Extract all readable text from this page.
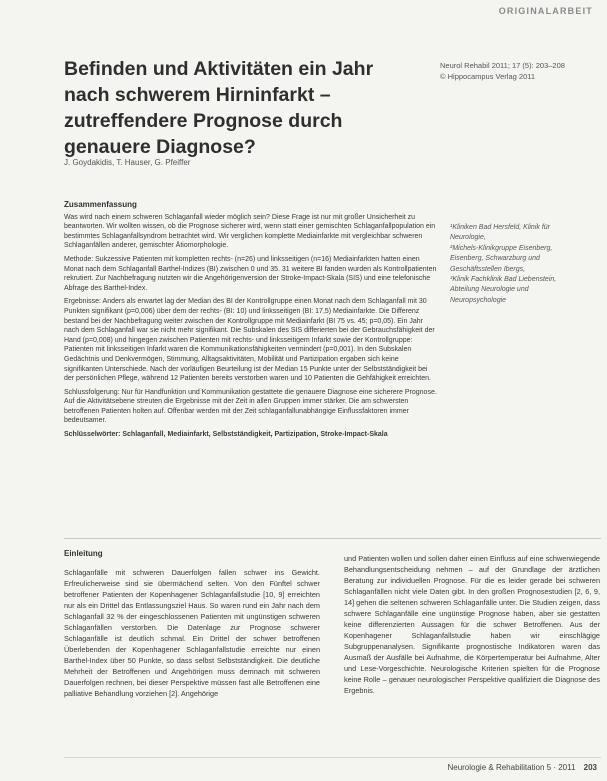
ORIGINALARBEIT
Befinden und Aktivitäten ein Jahr nach schwerem Hirninfarkt – zutreffendere Prognose durch genauere Diagnose?
Neurol Rehabil 2011; 17 (5): 203–208
© Hippocampus Verlag 2011
J. Goydakidis, T. Hauser, G. Pfeiffer
Zusammenfassung

Was wird nach einem schweren Schlaganfall wieder möglich sein? Diese Frage ist nur mit großer Unsicherheit zu beantworten. Wir wollten wissen, ob die Prognose sicherer wird, wenn statt einer gemischten Schlaganfallpopulation ein bestimmtes Schlaganfallsyndrom betrachtet wird. Wir verglichen komplette Mediainfarkte mit vergleichbar schweren Schlaganfällen anderer, gemischter Ätiomorphologie.

Methode: Sukzessive Patienten mit kompletten rechts- (n=26) und linksseitigen (n=16) Mediainfarkten hatten einen Monat nach dem Schlaganfall Barthel-Indizes (BI) zwischen 0 und 35. 31 weitere BI fanden wurden als Kontrollpatienten rekrutiert. Zur Nachbefragung nutzten wir die Angehörigenversion der Stroke-Impact-Skala (SIS) und eine telefonische Abfrage des Barthel-Index.

Ergebnisse: Anders als erwartet lag der Median des BI der Kontrollgruppe einen Monat nach dem Schlaganfall mit 30 Punkten signifikant (p=0,006) über dem der rechts- (BI: 10) und linksseitigen (BI: 17,5) Mediainfarkte. Die Differenz bestand bei der Nachbefragung weiter zwischen der Kontrollgruppe mit Mediainfarkt (BI 75 vs. 45; p=0,05). Ein Jahr nach dem Schlaganfall war sie nicht mehr signifikant. Die Subskalen des SIS differierten bei der Gebrauchsfähigkeit der Hand (p=0,008) und hingegen zwischen Patienten mit rechts- und linksseitigem Infarkt sowie der Kontrollgruppe: Patienten mit linksseitigen Infarkt waren die Kommunikationsfähigkeiten vermindert (p=0,001). In den Subskalen Gedächtnis und Denkvermögen, Stimmung, Alltagsaktivitäten, Mobilität und Partizipation ergaben sich keine signifikanten Unterschiede. Nach der vorläufigen Beurteilung ist der Median 15 Punkte unter der Selbstständigkeit bei der persönlichen Pflege, während 12 Patienten bereits verstorben waren und 10 Patienten die Gehfähigkeit erreichten.

Schlussfolgerung: Nur für Handfunktion und Kommunikation gestattete die genauere Diagnose eine sicherere Prognose. Auf die Aktivitätsebene streuten die Ergebnisse mit der Zeit in allen Gruppen immer stärker. Die am schwersten betroffenen Patienten holten auf. Offenbar werden mit der Zeit schlaganfallunabhängige Einflussfaktoren immer bedeutsamer.

Schlüsselwörter: Schlaganfall, Mediainfarkt, Selbstständigkeit, Partizipation, Stroke-Impact-Skala

¹Kliniken Bad Hersfeld, Klinik für
Neurologie,
²Michels-Klinikgruppe Eisenberg,
Eisenberg, Schwarzburg und
Geschäftsstellen Ibergs,
³Klinik Fachklinik Bad Liebenstein,
Abteilung Neurologie und
Neuropsychologie
Einleitung

Schlaganfälle mit schweren Dauerfolgen fallen schwer ins Gewicht. Erfreulicherweise sind sie übermächend selten. Von den Fünftel schwer betroffener Patienten der Kopenhagener Schlaganfallstudie [10, 9] erreichten nur als ein Drittel das Entlassungsziel Haus. So waren rund ein Jahr nach dem Schlaganfall 32 % der eingeschlossenen Patienten mit ungünstigen schweren Schlaganfällen verstorben. Die Datenlage zur Prognose schwerer Schlaganfälle ist deutlich schmal. Ein Drittel der schwer betroffenen Überlebenden der Kopenhagener Schlaganfallstudie erreichte nur einen Barthel-Index über 50 Punkte, so dass selbst Selbstständigkeit. Die deutliche Mehrheit der Betroffenen und Angehörigen muss demnach mit schweren Dauerfolgen rechnen, bei dieser Perspektive müssen fast alle Betroffenen eine palliative Behandlung vorziehen [2]. Angehörige

und Patienten wollen und sollen daher einen Einfluss auf eine schwerwiegende Behandlungsentscheidung nehmen – auf der Grundlage der ärztlichen Beratung zur individuellen Prognose. Für die es leider gerade bei schweren Schlaganfällen nicht viele Daten gibt. In den großen Prognosestudien [2, 6, 9, 14] gehen die seltenen schweren Schlaganfälle unter. Die Studien zeigen, dass schwere Schlaganfälle eine ungünstige Prognose haben, aber sie gestatten keine differenzierten Aussagen für die schwer Betroffenen. Aus der Kopenhagener Schlaganfallstudie haben wir einschlägige Subgruppenanalysen. Signifikante prognostische Indikatoren waren das Ausmaß der Ausfälle bei Aufnahme, die Körpertemperatur bei Aufnahme, Alter und Lese-Vorgeschichte. Neurologische Kriterien spielten für die Prognose keine Rolle – genauer neurologischer Perspektive qualifiziert die Diagnose des Ergebnis.

Neurologie & Rehabilitation 5 · 2011 203
